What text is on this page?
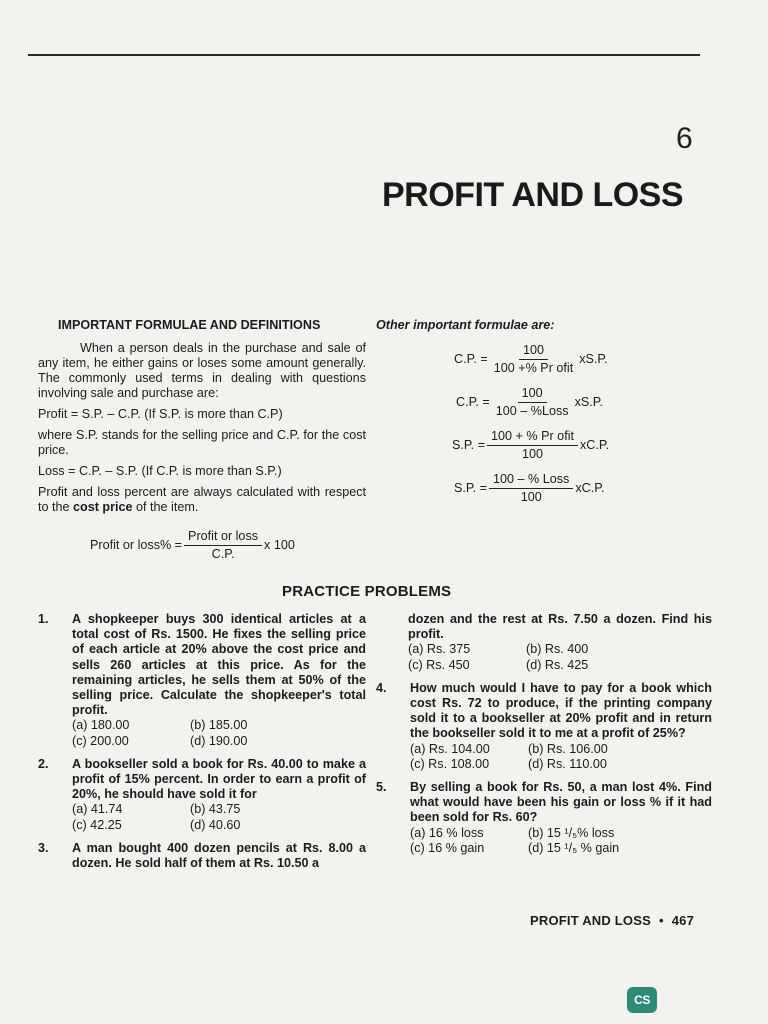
6
PROFIT AND LOSS
IMPORTANT FORMULAE AND DEFINITIONS

When a person deals in the purchase and sale of any item, he either gains or loses some amount generally. The commonly used terms in dealing with questions involving sale and purchase are:

Profit = S.P. – C.P. (If S.P. is more than C.P)

where S.P. stands for the selling price and C.P. for the cost price.

Loss = C.P. – S.P. (If C.P. is more than S.P.)

Profit and loss percent are always calculated with respect to the cost price of the item.

Profit or loss% = $\frac{\text{Profit or loss}}{C.P.}$ x 100
Other important formulae are:
C.P. = $\frac{100}{\text{100 +\% Pr ofit}} xS.P$.
C.P. = $\frac{100}{\text{100 – \%Loss}} xS.P$.
S.P. = $\frac{\text{100 + \% Pr ofit}}{100} xC.P$.
S.P. = $\frac{\text{100 – \% Loss}}{100} xC.P$.
PRACTICE PROBLEMS
1.	A shopkeeper buys 300 identical articles at a total cost of Rs. 1500. He fixes the selling price of each article at 20% above the cost price and sells 260 articles at this price. As for the remaining articles, he sells them at 50% of the selling price. Calculate the shopkeeper's total profit.
(a) 180.00	(b) 185.00
(c) 200.00	(d) 190.00
2.	A bookseller sold a book for Rs. 40.00 to make a profit of 15% percent. In order to earn a profit of 20%, he should have sold it for
(a) 41.74	(b) 43.75
(c) 42.25	(d) 40.60
3.	A man bought 400 dozen pencils at Rs. 8.00 a dozen. He sold half of them at Rs. 10.50 a
dozen and the rest at Rs. 7.50 a dozen. Find his profit.
(a) Rs. 375	(b) Rs. 400
(c) Rs. 450	(d) Rs. 425
4.	How much would I have to pay for a book which cost Rs. 72 to produce, if the printing company sold it to a bookseller at 20% profit and in return the bookseller sold it to me at a profit of 25%?
(a) Rs. 104.00	(b) Rs. 106.00
(c) Rs. 108.00	(d) Rs. 110.00
5.	By selling a book for Rs. 50, a man lost 4%. Find what would have been his gain or loss % if it had been sold for Rs. 60?
(a) 16 % loss	(b) 15 ¹/₅% loss
(c) 16 % gain	(d) 15 ¹/₅ % gain
PROFIT AND LOSS • 467
CS
